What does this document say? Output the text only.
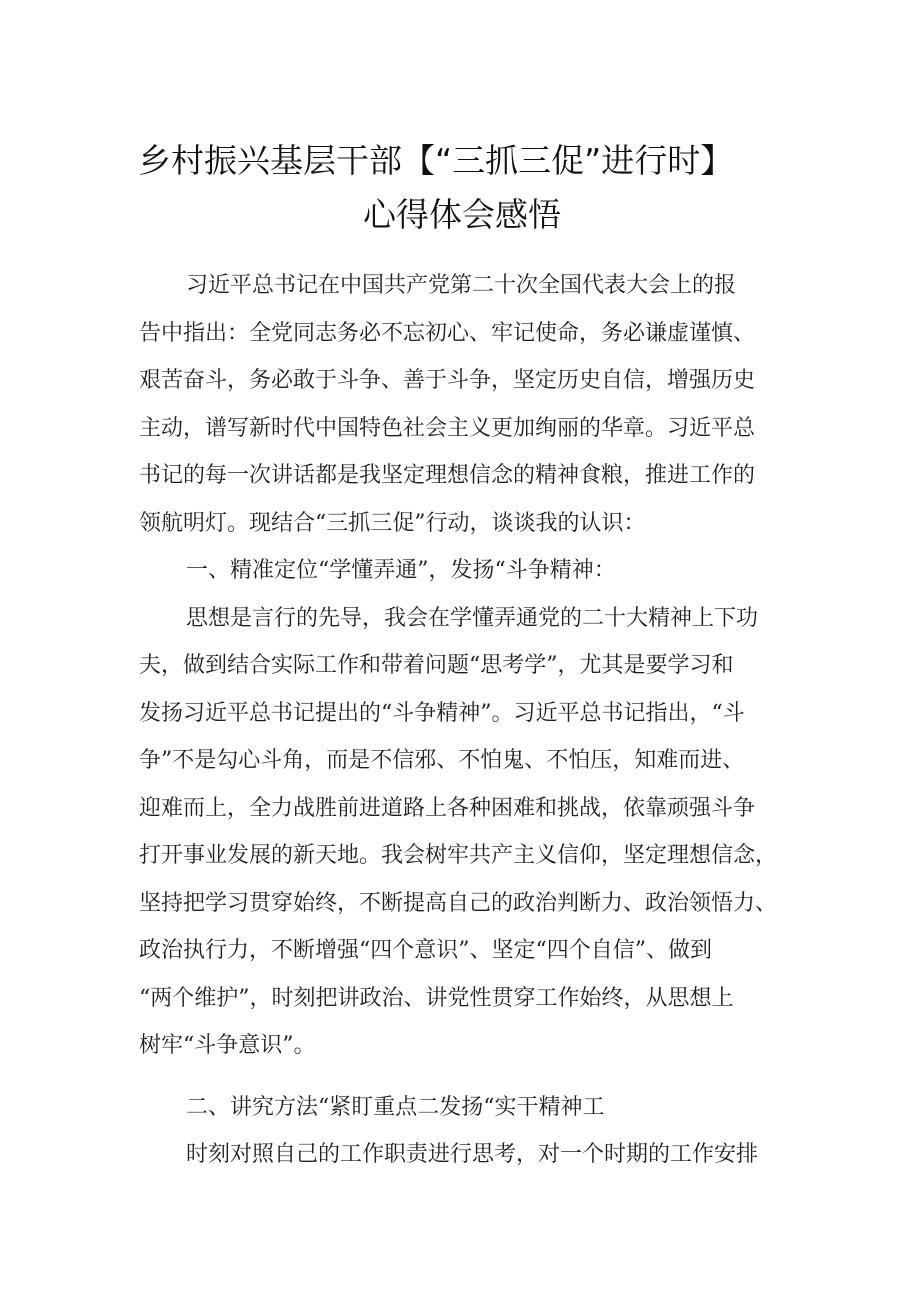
乡村振兴基层干部【“三抓三促”进行时】
心得体会感悟
习近平总书记在中国共产党第二十次全国代表大会上的报
告中指出：全党同志务必不忘初心、牢记使命，务必谦虚谨慎、
艰苦奋斗，务必敢于斗争、善于斗争，坚定历史自信，增强历史
主动，谱写新时代中国特色社会主义更加绚丽的华章。习近平总
书记的每一次讲话都是我坚定理想信念的精神食粮，推进工作的
领航明灯。现结合“三抓三促”行动，谈谈我的认识：
一、精准定位“学懂弄通”，发扬“斗争精神：
思想是言行的先导，我会在学懂弄通党的二十大精神上下功
夫，做到结合实际工作和带着问题“思考学”，尤其是要学习和
发扬习近平总书记提出的“斗争精神”。习近平总书记指出，“斗
争”不是勾心斗角，而是不信邪、不怕鬼、不怕压，知难而进、
迎难而上，全力战胜前进道路上各种困难和挑战，依靠顽强斗争
打开事业发展的新天地。我会树牢共产主义信仰，坚定理想信念，
坚持把学习贯穿始终，不断提高自己的政治判断力、政治领悟力、
政治执行力，不断增强“四个意识”、坚定“四个自信”、做到
“两个维护”，时刻把讲政治、讲党性贯穿工作始终，从思想上
树牢“斗争意识”。
二、讲究方法“紧盯重点二发扬“实干精神工
时刻对照自己的工作职责进行思考，对一个时期的工作安排
